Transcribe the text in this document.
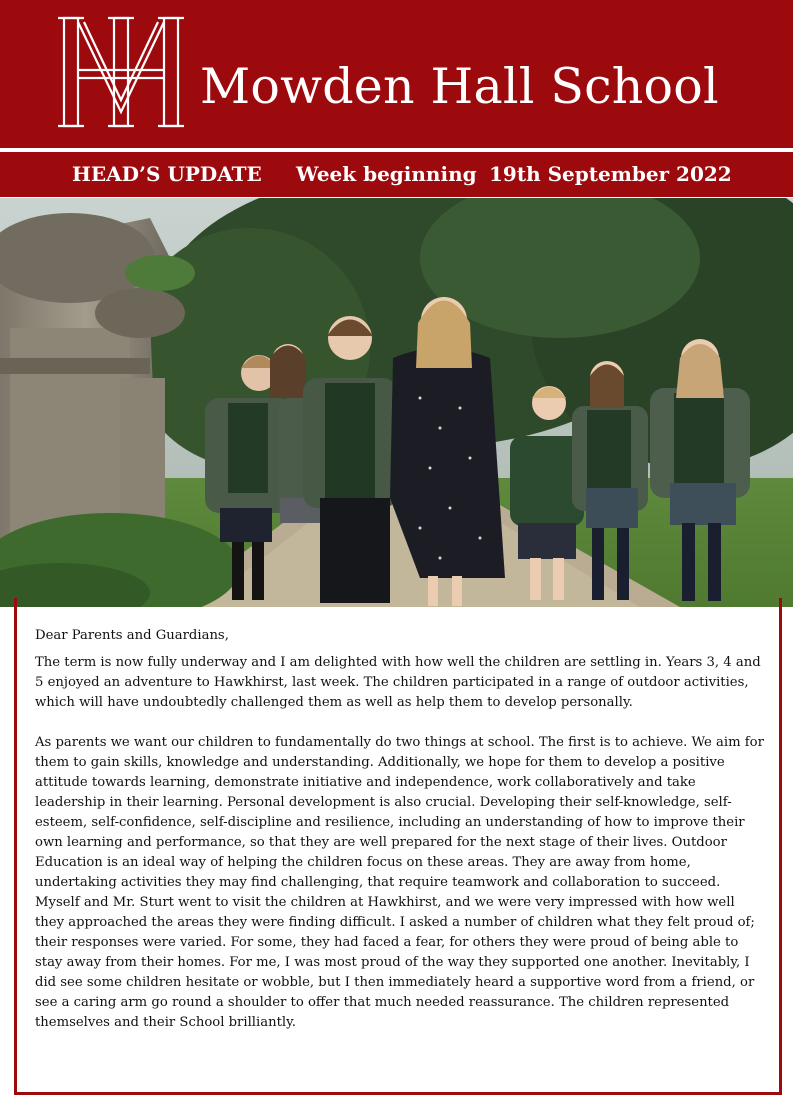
Mowden Hall School
HEAD’S UPDATE Week beginning 19th September 2022

Dear Parents and Guardians,

The term is now fully underway and I am delighted with how well the children are settling in. Years 3, 4 and 5 enjoyed an adventure to Hawkhirst, last week. The children participated in a range of outdoor activities, which will have undoubtedly challenged them as well as help them to develop personally.

As parents we want our children to fundamentally do two things at school. The first is to achieve. We aim for them to gain skills, knowledge and understanding. Additionally, we hope for them to develop a positive attitude towards learning, demonstrate initiative and independence, work collaboratively and take leadership in their learning. Personal development is also crucial. Developing their self-knowledge, self-esteem, self-confidence, self-discipline and resilience, including an understanding of how to improve their own learning and performance, so that they are well prepared for the next stage of their lives. Outdoor Education is an ideal way of helping the children focus on these areas. They are away from home, undertaking activities they may find challenging, that require teamwork and collaboration to succeed. Myself and Mr. Sturt went to visit the children at Hawkhirst, and we were very impressed with how well they approached the areas they were finding difficult. I asked a number of children what they felt proud of; their responses were varied. For some, they had faced a fear, for others they were proud of being able to stay away from their homes. For me, I was most proud of the way they supported one another. Inevitably, I did see some children hesitate or wobble, but I then immediately heard a supportive word from a friend, or see a caring arm go round a shoulder to offer that much needed reassurance. The children represented themselves and their School brilliantly.
